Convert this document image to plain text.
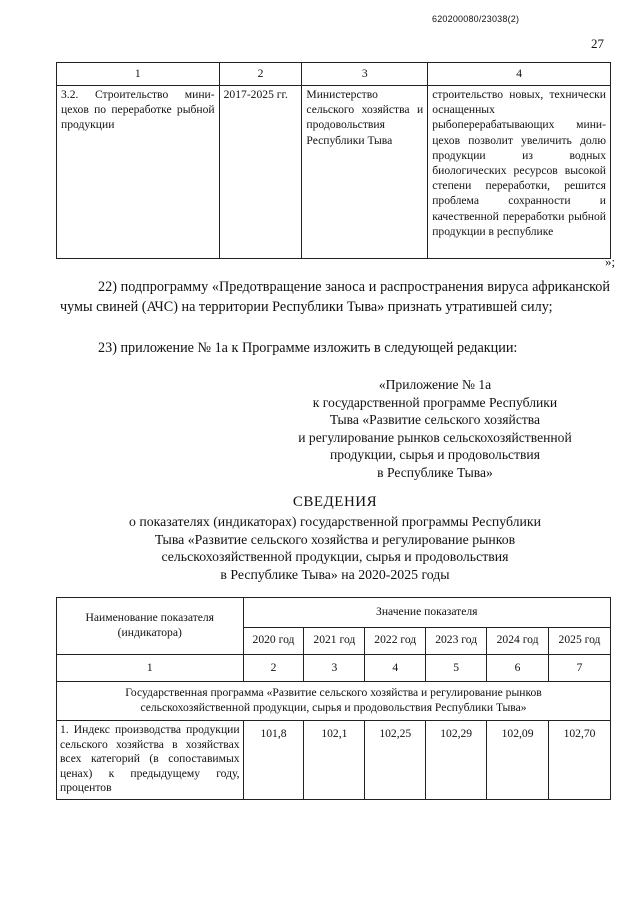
620200080/23038(2)
27
1	2	3	4
3.2. Строительство мини-цехов по переработке рыбной продукции	2017-2025 гг.	Министерство сельского хозяйства и продовольствия Республики Тыва	строительство новых, технически оснащенных рыбоперерабатывающих мини-цехов позволит увеличить долю продукции из водных биологических ресурсов высокой степени переработки, решится проблема сохранности и качественной переработки рыбной продукции в республике
»;
22) подпрограмму «Предотвращение заноса и распространения вируса африканской чумы свиней (АЧС) на территории Республики Тыва» признать утратившей силу;
23) приложение № 1а к Программе изложить в следующей редакции:
«Приложение № 1а
к государственной программе Республики
Тыва «Развитие сельского хозяйства
и регулирование рынков сельскохозяйственной
продукции, сырья и продовольствия
в Республике Тыва»
СВЕДЕНИЯ
о показателях (индикаторах) государственной программы Республики
Тыва «Развитие сельского хозяйства и регулирование рынков
сельскохозяйственной продукции, сырья и продовольствия
в Республике Тыва» на 2020-2025 годы
Наименование показателя (индикатора)	Значение показателя					
	2020 год	2021 год	2022 год	2023 год	2024 год	2025 год
1	2	3	4	5	6	7
Государственная программа «Развитие сельского хозяйства и регулирование рынков сельскохозяйственной продукции, сырья и продовольствия Республики Тыва»						
1. Индекс производства продукции сельского хозяйства в хозяйствах всех категорий (в сопоставимых ценах) к предыдущему году, процентов	101,8	102,1	102,25	102,29	102,09	102,70
